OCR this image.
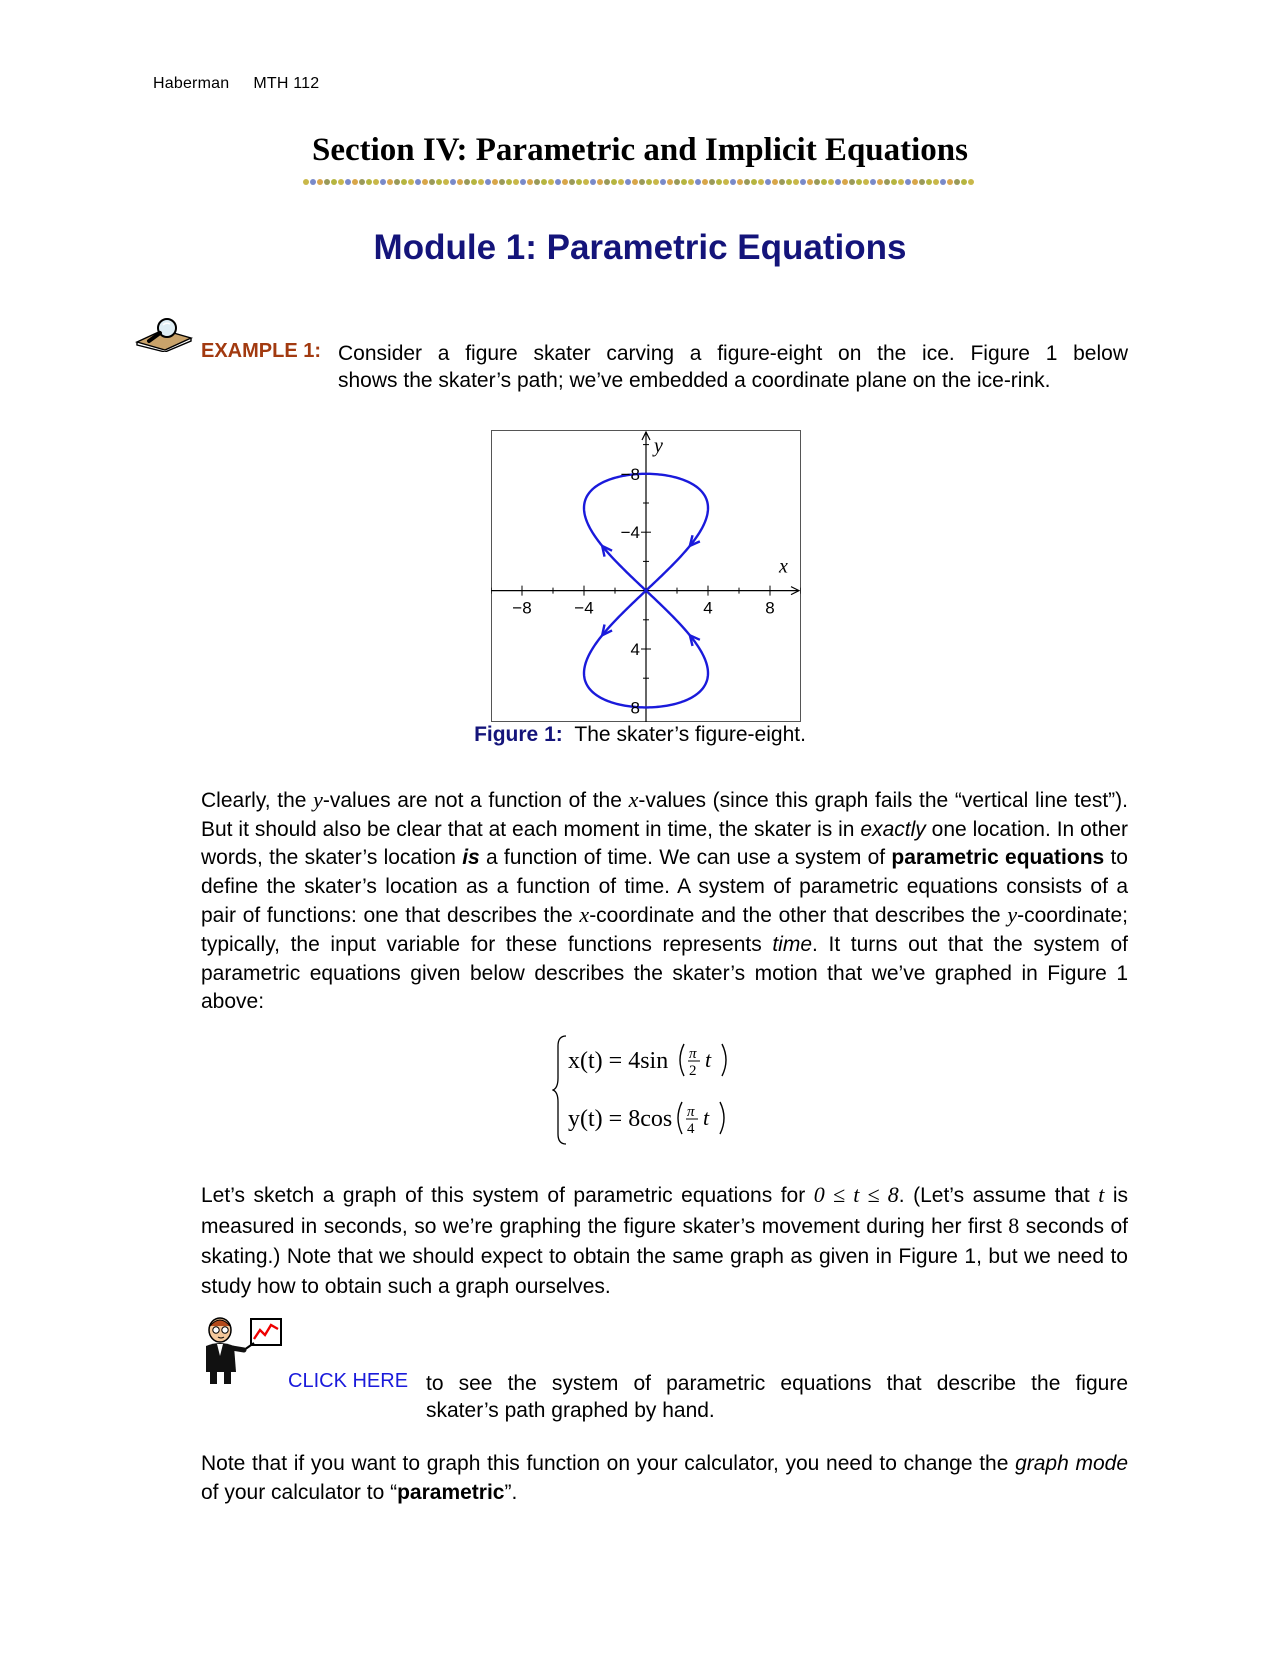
Haberman MTH 112
Section IV: Parametric and Implicit Equations
Module 1: Parametric Equations
EXAMPLE 1: Consider a figure skater carving a figure-eight on the ice. Figure 1 below
shows the skater’s path; we’ve embedded a coordinate plane on the ice-rink.
y
x
−8	−4	4	8
8
4
−4
−8
Figure 1: The skater’s figure-eight.
Clearly, the y-values are not a function of the x-values (since this graph fails the “vertical line test”). But it should also be clear that at each moment in time, the skater is in exactly one location. In other words, the skater’s location is a function of time. We can use a system of parametric equations to define the skater’s location as a function of time. A system of parametric equations consists of a pair of functions: one that describes the x-coordinate and the other that describes the y-coordinate; typically, the input variable for these functions represents time. It turns out that the system of parametric equations given below describes the skater’s motion that we’ve graphed in Figure 1 above:
x(t) = 4sin
y(t) = 8cos
π
2 t
π
4 t
Let’s sketch a graph of this system of parametric equations for 0 ≤ t ≤ 8. (Let’s assume that t is measured in seconds, so we’re graphing the figure skater’s movement during her first 8 seconds of skating.) Note that we should expect to obtain the same graph as given in Figure 1, but we need to study how to obtain such a graph ourselves.
CLICK HERE to see the system of parametric equations that describe the figure
skater’s path graphed by hand.
Note that if you want to graph this function on your calculator, you need to change the graph mode of your calculator to “parametric”.
